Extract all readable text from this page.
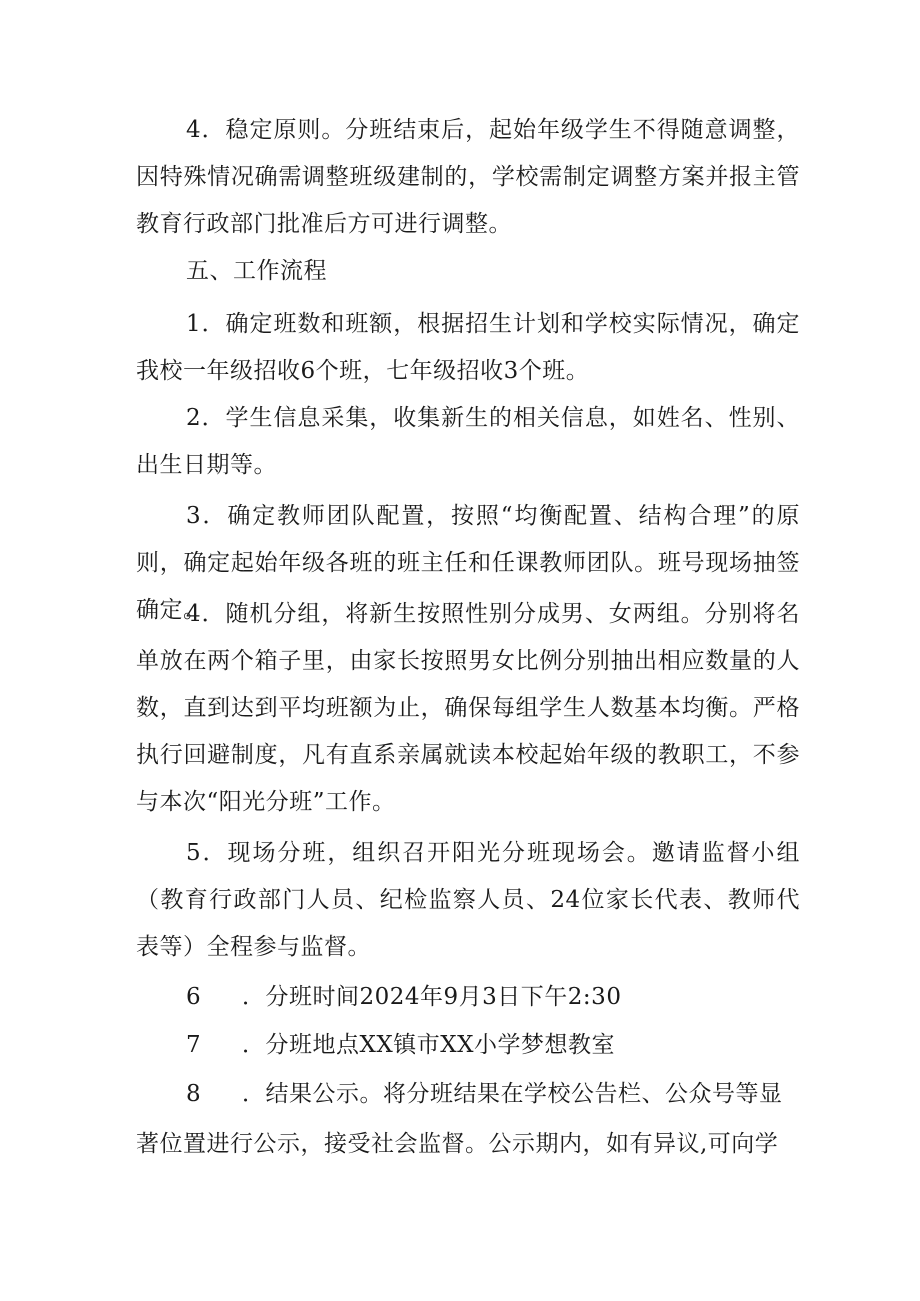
4．稳定原则。分班结束后，起始年级学生不得随意调整，因特殊情况确需调整班级建制的，学校需制定调整方案并报主管教育行政部门批准后方可进行调整。

五、工作流程

1．确定班数和班额，根据招生计划和学校实际情况，确定我校一年级招收6个班，七年级招收3个班。

2．学生信息采集，收集新生的相关信息，如姓名、性别、出生日期等。

3．确定教师团队配置，按照“均衡配置、结构合理”的原则，确定起始年级各班的班主任和任课教师团队。班号现场抽签确定。

4．随机分组，将新生按照性别分成男、女两组。分别将名单放在两个箱子里，由家长按照男女比例分别抽出相应数量的人数，直到达到平均班额为止，确保每组学生人数基本均衡。严格执行回避制度，凡有直系亲属就读本校起始年级的教职工，不参与本次“阳光分班”工作。

5．现场分班，组织召开阳光分班现场会。邀请监督小组（教育行政部门人员、纪检监察人员、24位家长代表、教师代表等）全程参与监督。

6 ．分班时间2024年9月3日下午2:30

7 ．分班地点XX镇市XX小学梦想教室

8 ．结果公示。将分班结果在学校公告栏、公众号等显

著位置进行公示，接受社会监督。公示期内，如有异议,可向学
